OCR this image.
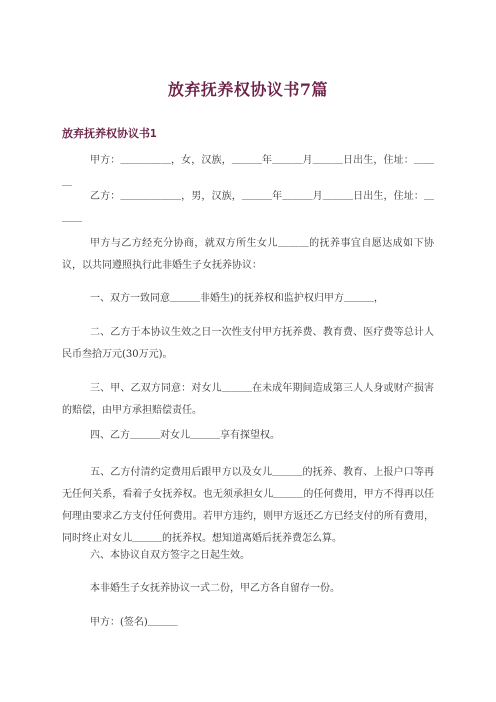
放弃抚养权协议书7篇
放弃抚养权协议书1

甲方：＿＿＿＿＿，女，汉族，＿＿＿年＿＿＿月＿＿＿日出生，住址：＿＿＿

乙方：＿＿＿＿＿＿，男，汉族，＿＿＿年＿＿＿月＿＿＿日出生，住址：＿＿＿

甲方与乙方经充分协商，就双方所生女儿＿＿＿的抚养事宜自愿达成如下协议，以共同遵照执行此非婚生子女抚养协议：

一、双方一致同意＿＿＿非婚生)的抚养权和监护权归甲方＿＿＿，

二、乙方于本协议生效之日一次性支付甲方抚养费、教育费、医疗费等总计人民币叁拾万元(30万元)。

三、甲、乙双方同意：对女儿＿＿＿在未成年期间造成第三人人身或财产损害的赔偿，由甲方承担赔偿责任。

四、乙方＿＿＿对女儿＿＿＿享有探望权。

五、乙方付清约定费用后跟甲方以及女儿＿＿＿的抚养、教育、上报户口等再无任何关系，看着子女抚养权。也无须承担女儿＿＿＿的任何费用，甲方不得再以任何理由要求乙方支付任何费用。若甲方违约，则甲方返还乙方已经支付的所有费用，同时终止对女儿＿＿＿的抚养权。想知道离婚后抚养费怎么算。

六、本协议自双方签字之日起生效。

本非婚生子女抚养协议一式二份，甲乙方各自留存一份。

甲方：(签名)＿＿＿
